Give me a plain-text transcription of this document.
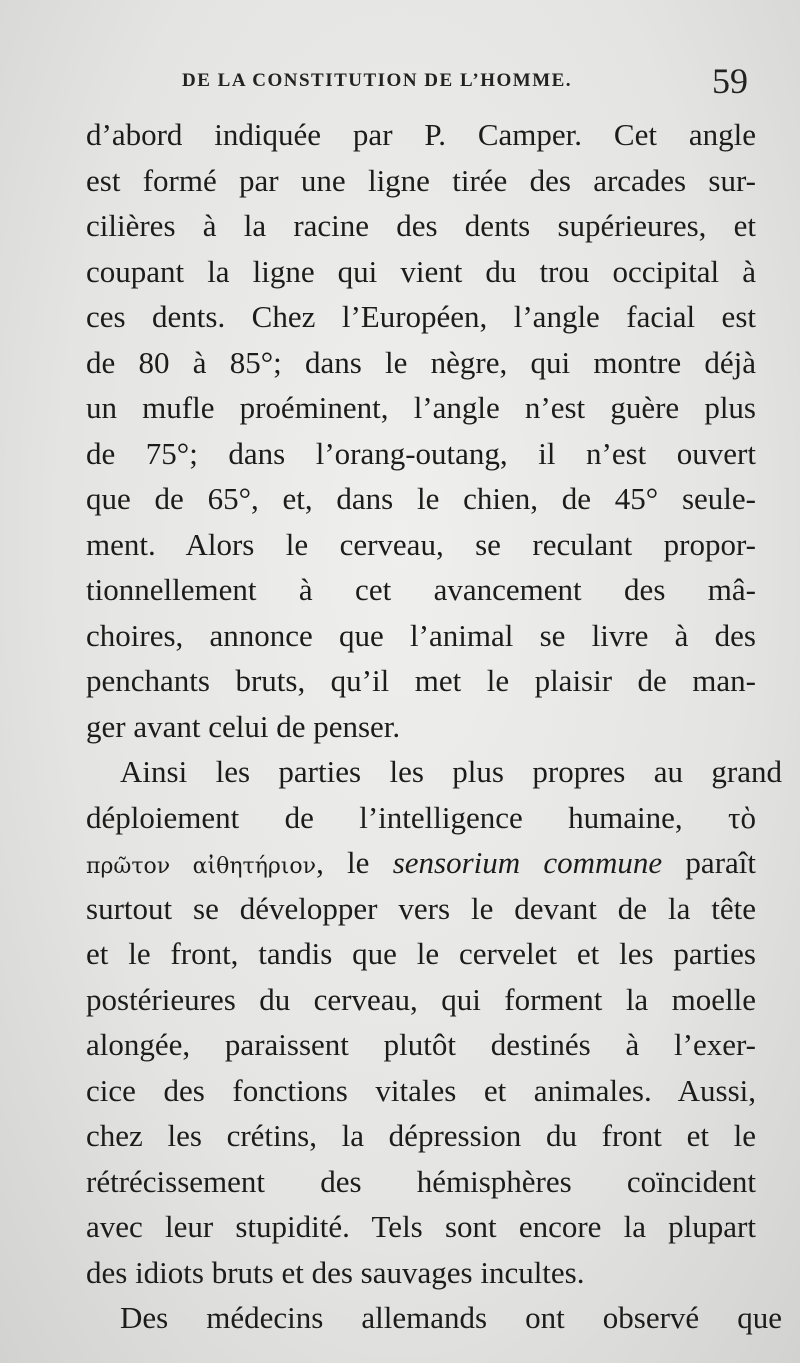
DE LA CONSTITUTION DE L’HOMME.	59
d’abord indiquée par P. Camper. Cet angle
est formé par une ligne tirée des arcades sur-
cilières à la racine des dents supérieures, et
coupant la ligne qui vient du trou occipital à
ces dents. Chez l’Européen, l’angle facial est
de 80 à 85°; dans le nègre, qui montre déjà
un mufle proéminent, l’angle n’est guère plus
de 75°; dans l’orang-outang, il n’est ouvert
que de 65°, et, dans le chien, de 45° seule-
ment. Alors le cerveau, se reculant propor-
tionnellement à cet avancement des mâ-
choires, annonce que l’animal se livre à des
penchants bruts, qu’il met le plaisir de man-
ger avant celui de penser.
Ainsi les parties les plus propres au grand
déploiement de l’intelligence humaine, τὸ
πρῶτον αἰθητήριον, le sensorium commune paraît
surtout se développer vers le devant de la tête
et le front, tandis que le cervelet et les parties
postérieures du cerveau, qui forment la moelle
alongée, paraissent plutôt destinés à l’exer-
cice des fonctions vitales et animales. Aussi,
chez les crétins, la dépression du front et le
rétrécissement des hémisphères coïncident
avec leur stupidité. Tels sont encore la plupart
des idiots bruts et des sauvages incultes.
Des médecins allemands ont observé que
